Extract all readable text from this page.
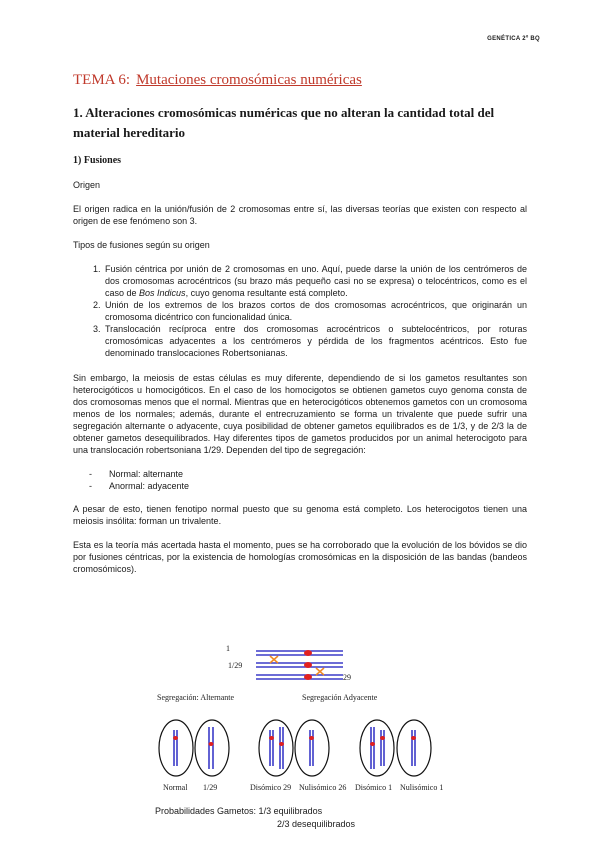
GENÉTICA 2º BQ
TEMA 6: Mutaciones cromosómicas numéricas
1. Alteraciones cromosómicas numéricas que no alteran la cantidad total del material hereditario
1) Fusiones

Origen

El origen radica en la unión/fusión de 2 cromosomas entre sí, las diversas teorías que existen con respecto al origen de ese fenómeno son 3.

Tipos de fusiones según su origen

1. Fusión céntrica por unión de 2 cromosomas en uno. Aquí, puede darse la unión de los centrómeros de dos cromosomas acrocéntricos (su brazo más pequeño casi no se expresa) o telocéntricos, como es el caso de Bos Indicus, cuyo genoma resultante está completo.
2. Unión de los extremos de los brazos cortos de dos cromosomas acrocéntricos, que originarán un cromosoma dicéntrico con funcionalidad única.
3. Translocación recíproca entre dos cromosomas acrocéntricos o subtelocéntricos, por roturas cromosómicas adyacentes a los centrómeros y pérdida de los fragmentos acéntricos. Esto fue denominado translocaciones Robertsonianas.

Sin embargo, la meiosis de estas células es muy diferente, dependiendo de si los gametos resultantes son heterocigóticos u homocigóticos. En el caso de los homocigotos se obtienen gametos cuyo genoma consta de dos cromosomas menos que el normal. Mientras que en heterocigóticos obtenemos gametos con un cromosoma menos de los normales; además, durante el entrecruzamiento se forma un trivalente que puede sufrir una segregación alternante o adyacente, cuya posibilidad de obtener gametos equilibrados es de 1/3, y de 2/3 la de obtener gametos desequilibrados. Hay diferentes tipos de gametos producidos por un animal heterocigoto para una translocación robertsoniana 1/29. Dependen del tipo de segregación:

- Normal: alternante
- Anormal: adyacente

A pesar de esto, tienen fenotipo normal puesto que su genoma está completo. Los heterocigotos tienen una meiosis insólita: forman un trivalente.

Esta es la teoría más acertada hasta el momento, pues se ha corroborado que la evolución de los bóvidos se dio por fusiones céntricas, por la existencia de homologías cromosómicas en la disposición de las bandas (bandeos cromosómicos).

1
1/29
29
Segregación: Alternante	Segregación Adyacente
Normal 1/29	Disómico 29 Nulisómico 26 Disómico 1 Nulisómico 1
Probabilidades Gametos: 1/3 equilibrados
2/3 desequilibrados
